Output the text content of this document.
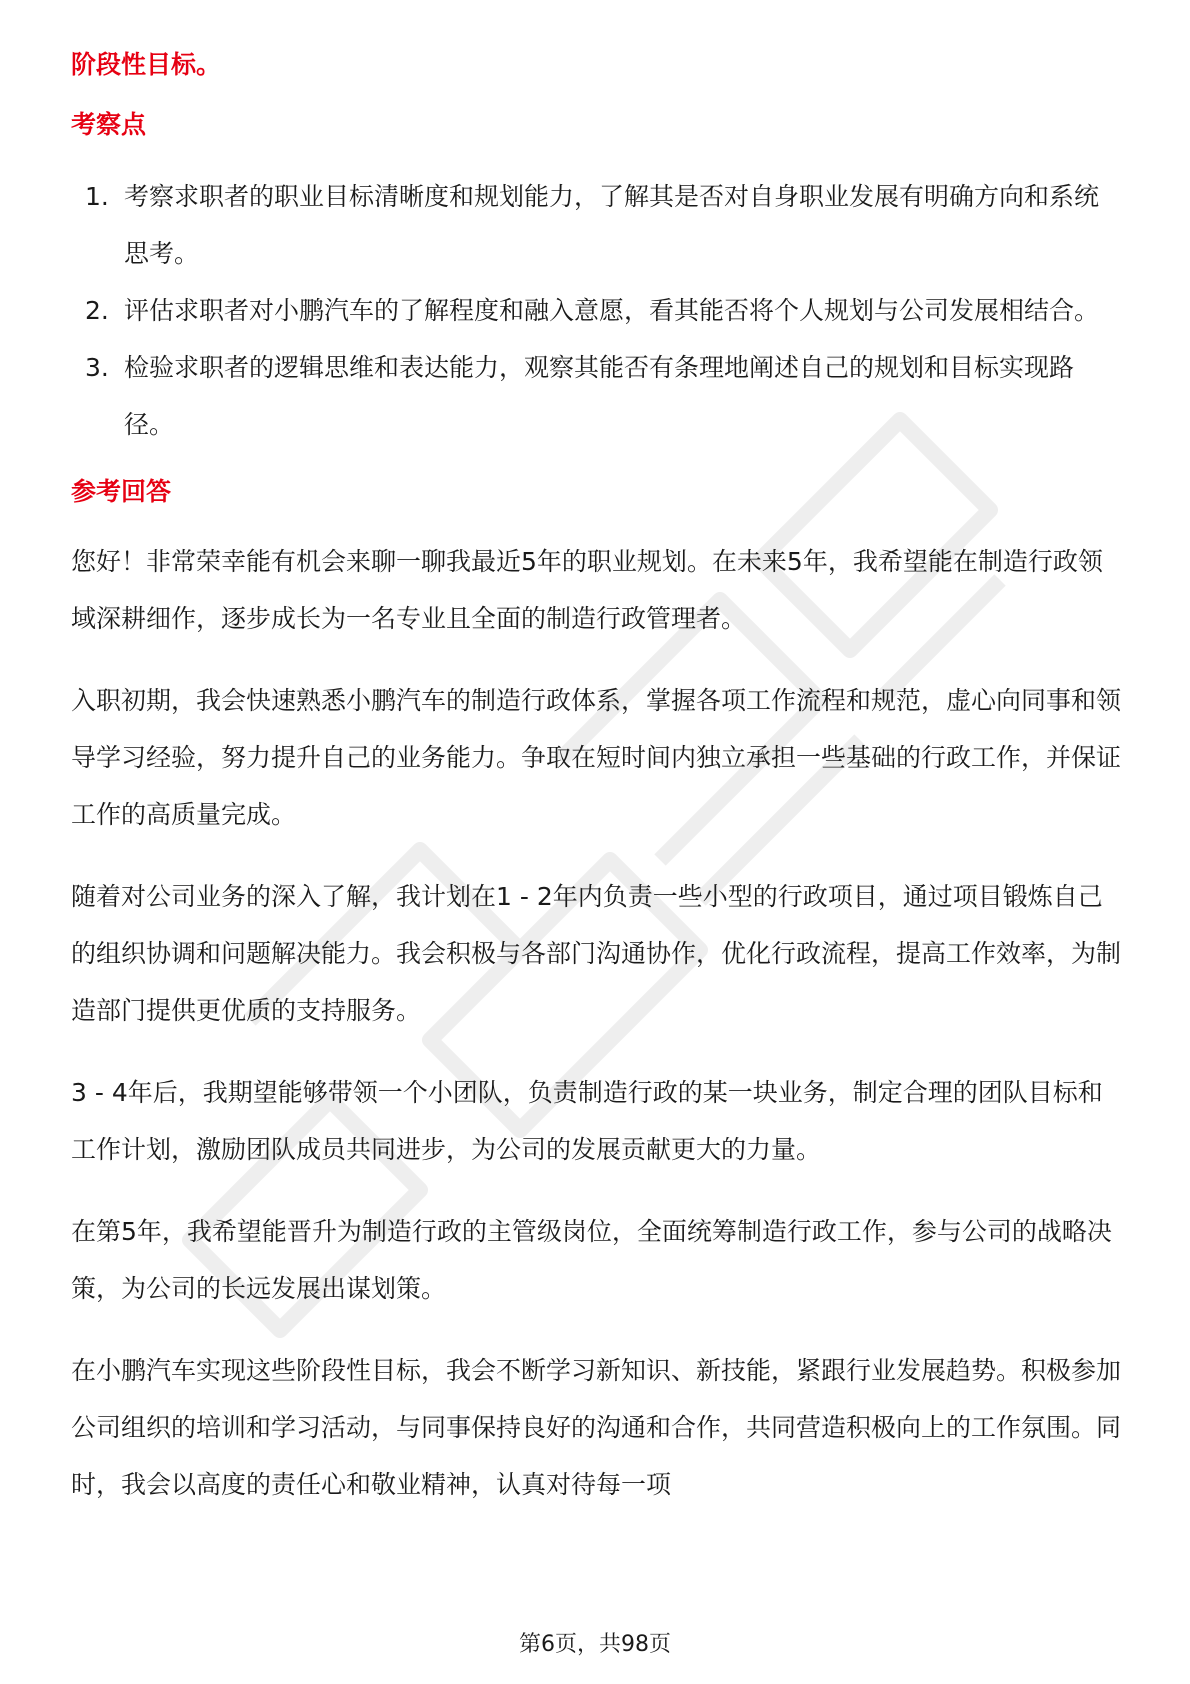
阶段性目标。
考察点
1. 考察求职者的职业目标清晰度和规划能力，了解其是否对自身职业发展有明确方向和系统思考。
2. 评估求职者对小鹏汽车的了解程度和融入意愿，看其能否将个人规划与公司发展相结合。
3. 检验求职者的逻辑思维和表达能力，观察其能否有条理地阐述自己的规划和目标实现路径。
参考回答

您好！非常荣幸能有机会来聊一聊我最近5年的职业规划。在未来5年，我希望能在制造行政领域深耕细作，逐步成长为一名专业且全面的制造行政管理者。

入职初期，我会快速熟悉小鹏汽车的制造行政体系，掌握各项工作流程和规范，虚心向同事和领导学习经验，努力提升自己的业务能力。争取在短时间内独立承担一些基础的行政工作，并保证工作的高质量完成。

随着对公司业务的深入了解，我计划在1 - 2年内负责一些小型的行政项目，通过项目锻炼自己的组织协调和问题解决能力。我会积极与各部门沟通协作，优化行政流程，提高工作效率，为制造部门提供更优质的支持服务。

3 - 4年后，我期望能够带领一个小团队，负责制造行政的某一块业务，制定合理的团队目标和工作计划，激励团队成员共同进步，为公司的发展贡献更大的力量。

在第5年，我希望能晋升为制造行政的主管级岗位，全面统筹制造行政工作，参与公司的战略决策，为公司的长远发展出谋划策。

在小鹏汽车实现这些阶段性目标，我会不断学习新知识、新技能，紧跟行业发展趋势。积极参加公司组织的培训和学习活动，与同事保持良好的沟通和合作，共同营造积极向上的工作氛围。同时，我会以高度的责任心和敬业精神，认真对待每一项

第6页，共98页
